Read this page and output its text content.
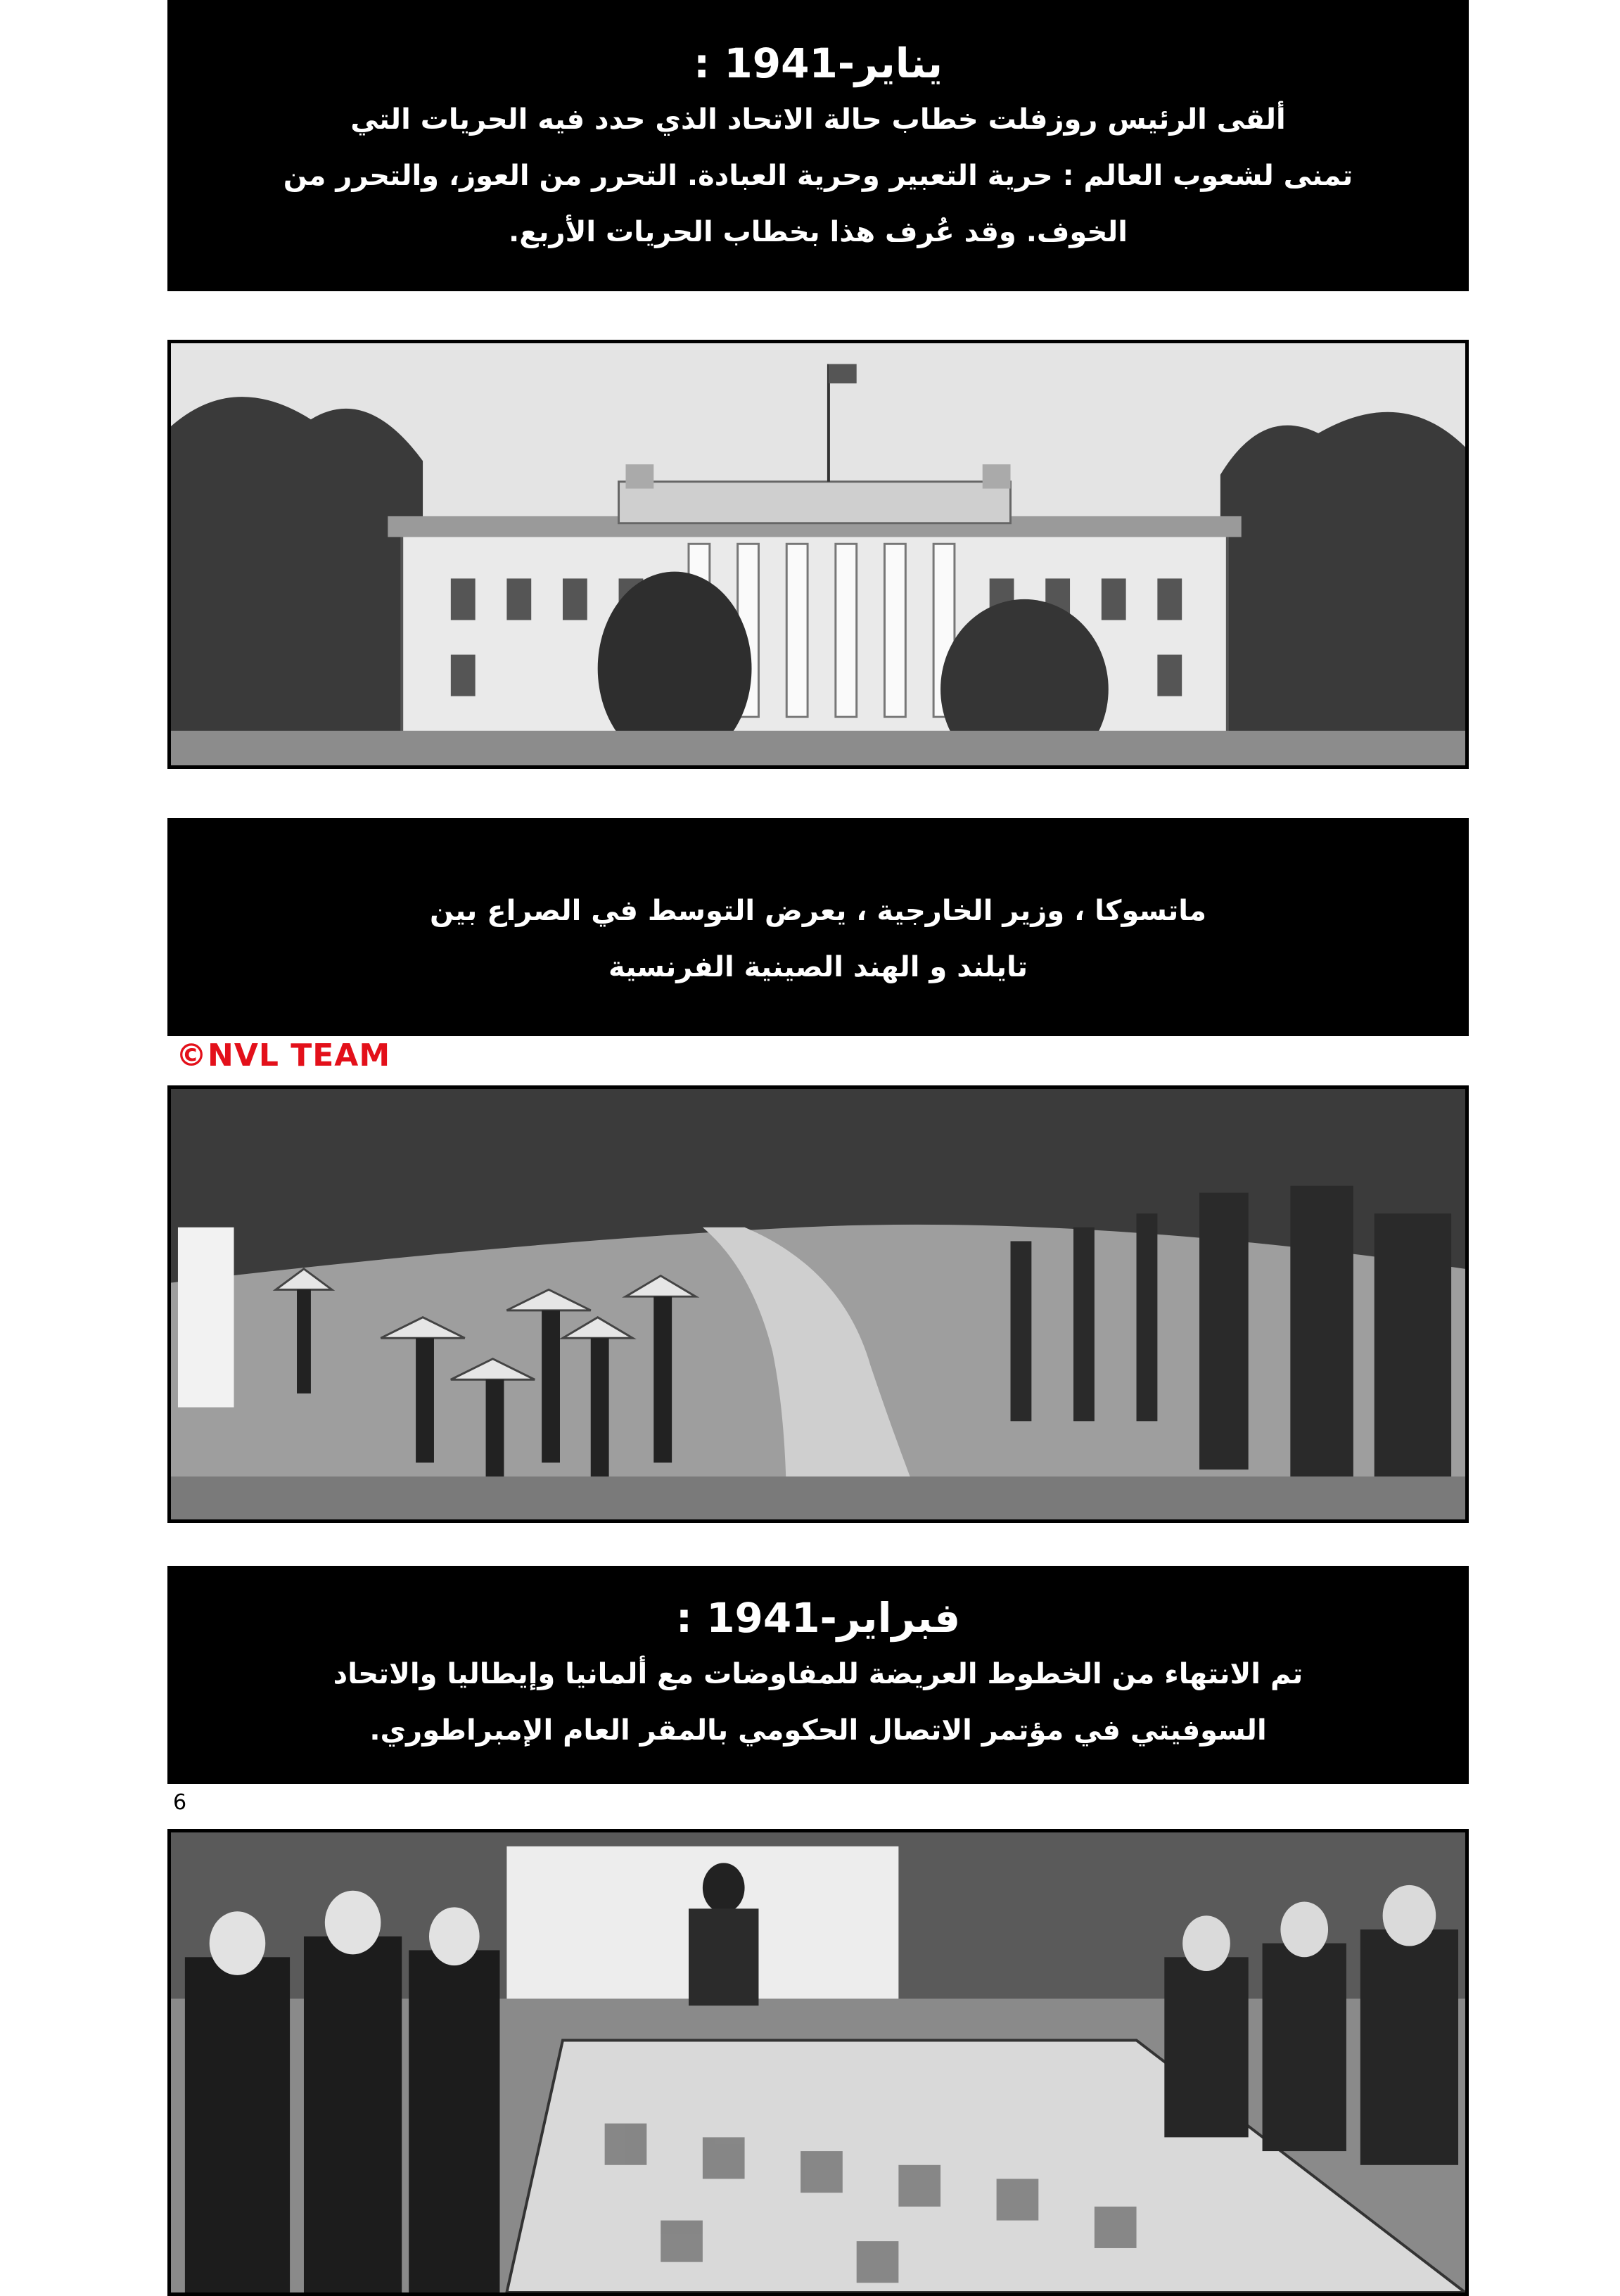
يناير-1941 :
ألقى الرئيس روزفلت خطاب حالة الاتحاد الذي حدد فيه الحريات التي
تمنى لشعوب العالم : حرية التعبير وحرية العبادة. التحرر من العوز، والتحرر من
الخوف. وقد عُرف هذا بخطاب الحريات الأربع.
ماتسوكا ، وزير الخارجية ، يعرض التوسط في الصراع بين
تايلند و الهند الصينية الفرنسية
©NVL TEAM
فبراير-1941 :
تم الانتهاء من الخطوط العريضة للمفاوضات مع ألمانيا وإيطاليا والاتحاد
السوفيتي في مؤتمر الاتصال الحكومي بالمقر العام الإمبراطوري.
6
